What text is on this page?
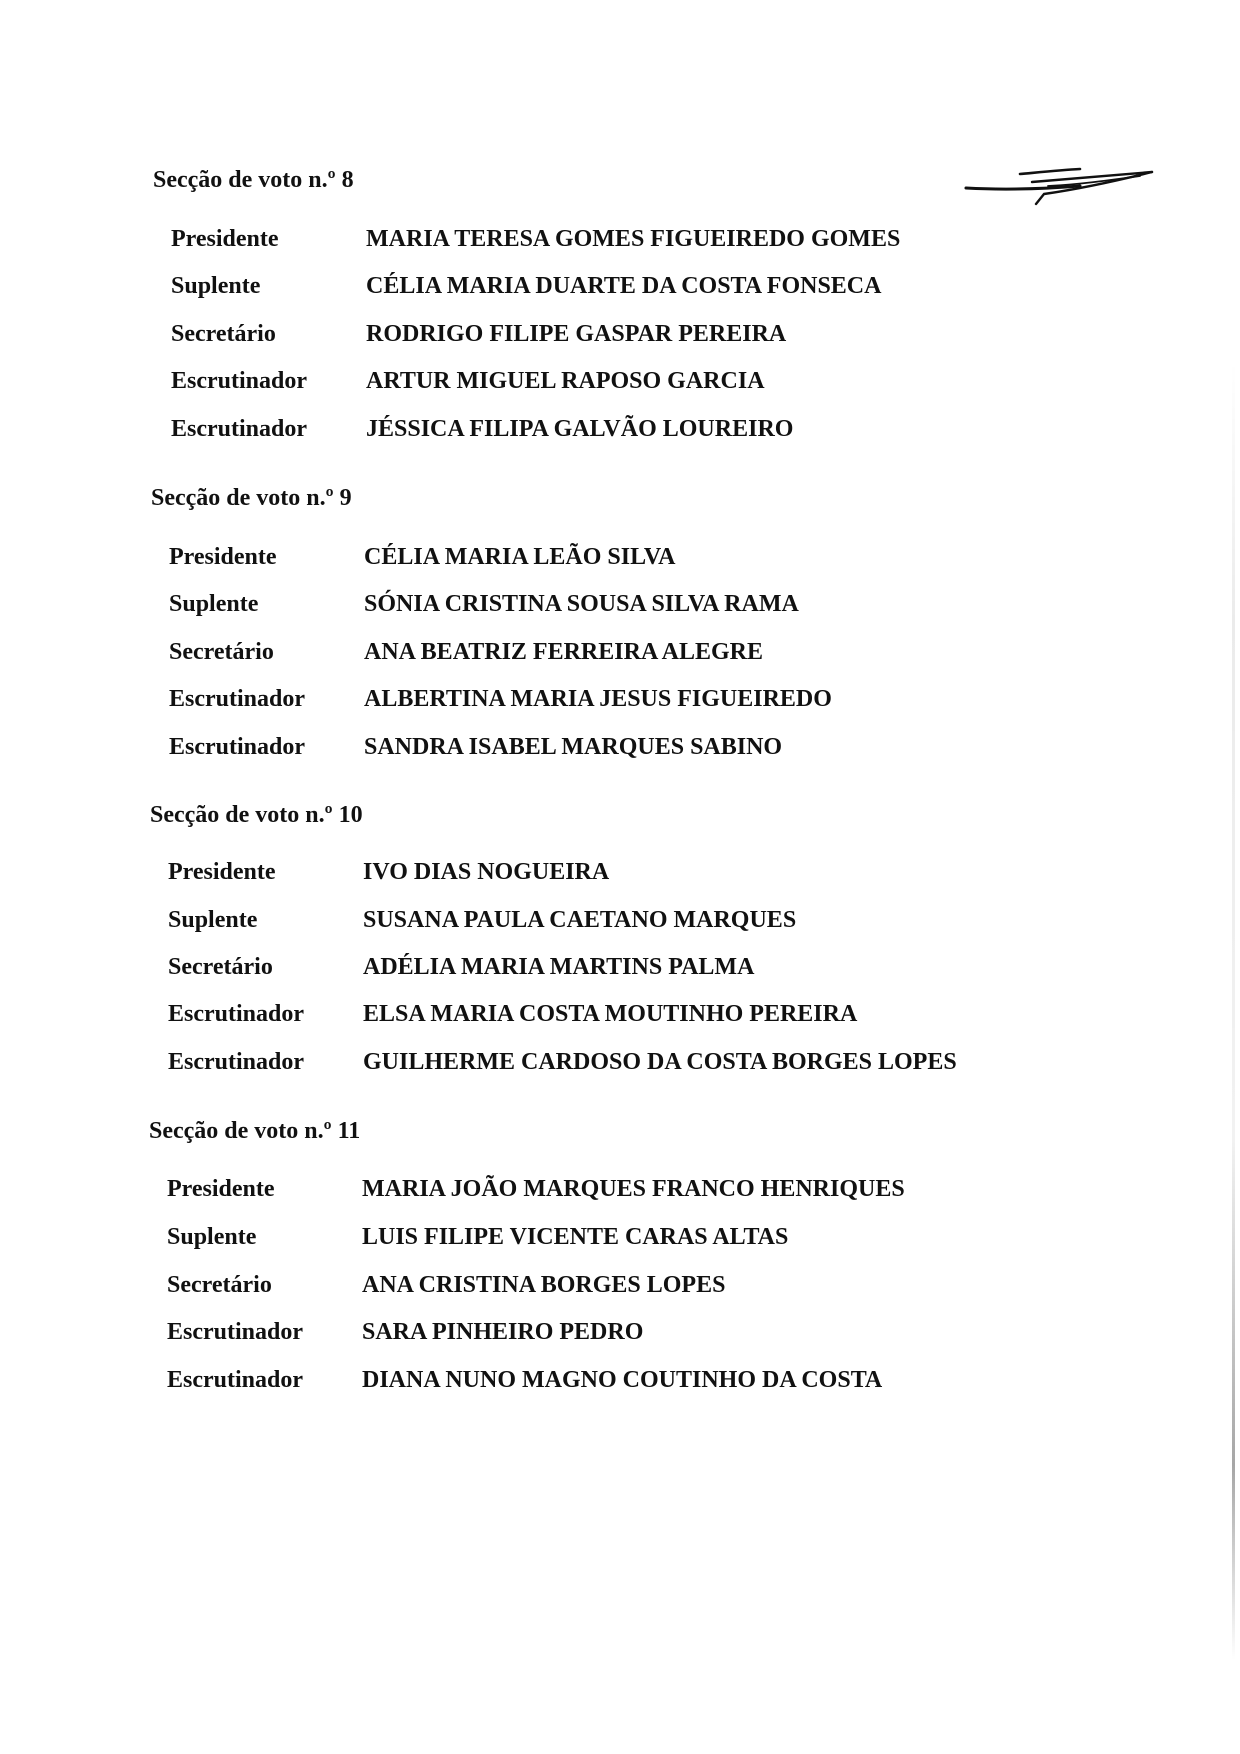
Secção de voto n.º 8
Presidente	MARIA TERESA GOMES FIGUEIREDO GOMES
Suplente	CÉLIA MARIA DUARTE DA COSTA FONSECA
Secretário	RODRIGO FILIPE GASPAR PEREIRA
Escrutinador ARTUR MIGUEL RAPOSO GARCIA
Escrutinador JÉSSICA FILIPA GALVÃO LOUREIRO
Secção de voto n.º 9
Presidente	CÉLIA MARIA LEÃO SILVA
Suplente	SÓNIA CRISTINA SOUSA SILVA RAMA
Secretário	ANA BEATRIZ FERREIRA ALEGRE
Escrutinador ALBERTINA MARIA JESUS FIGUEIREDO
Escrutinador SANDRA ISABEL MARQUES SABINO
Secção de voto n.º 10
Presidente	IVO DIAS NOGUEIRA
Suplente	SUSANA PAULA CAETANO MARQUES
Secretário	ADÉLIA MARIA MARTINS PALMA
Escrutinador ELSA MARIA COSTA MOUTINHO PEREIRA
Escrutinador GUILHERME CARDOSO DA COSTA BORGES LOPES
Secção de voto n.º 11
Presidente	MARIA JOÃO MARQUES FRANCO HENRIQUES
Suplente	LUIS FILIPE VICENTE CARAS ALTAS
Secretário	ANA CRISTINA BORGES LOPES
Escrutinador SARA PINHEIRO PEDRO
Escrutinador DIANA NUNO MAGNO COUTINHO DA COSTA
